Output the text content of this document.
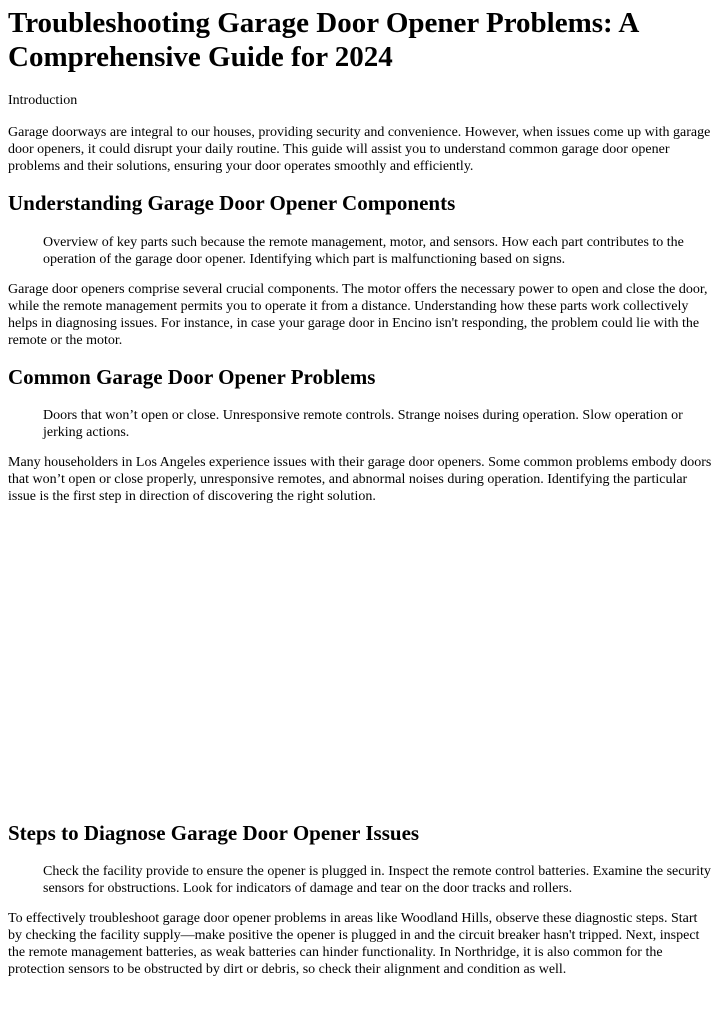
Troubleshooting Garage Door Opener Problems: A Comprehensive Guide for 2024

Introduction

Garage doorways are integral to our houses, providing security and convenience. However, when issues come up with garage door openers, it could disrupt your daily routine. This guide will assist you to understand common garage door opener problems and their solutions, ensuring your door operates smoothly and efficiently.

Understanding Garage Door Opener Components

Overview of key parts such because the remote management, motor, and sensors. How each part contributes to the operation of the garage door opener. Identifying which part is malfunctioning based on signs.

Garage door openers comprise several crucial components. The motor offers the necessary power to open and close the door, while the remote management permits you to operate it from a distance. Understanding how these parts work collectively helps in diagnosing issues. For instance, in case your garage door in Encino isn't responding, the problem could lie with the remote or the motor.

Common Garage Door Opener Problems

Doors that won’t open or close. Unresponsive remote controls. Strange noises during operation. Slow operation or jerking actions.

Many householders in Los Angeles experience issues with their garage door openers. Some common problems embody doors that won’t open or close properly, unresponsive remotes, and abnormal noises during operation. Identifying the particular issue is the first step in direction of discovering the right solution.

Steps to Diagnose Garage Door Opener Issues

Check the facility provide to ensure the opener is plugged in. Inspect the remote control batteries. Examine the security sensors for obstructions. Look for indicators of damage and tear on the door tracks and rollers.

To effectively troubleshoot garage door opener problems in areas like Woodland Hills, observe these diagnostic steps. Start by checking the facility supply—make positive the opener is plugged in and the circuit breaker hasn't tripped. Next, inspect the remote management batteries, as weak batteries can hinder functionality. In Northridge, it is also common for the protection sensors to be obstructed by dirt or debris, so check their alignment and condition as well.
